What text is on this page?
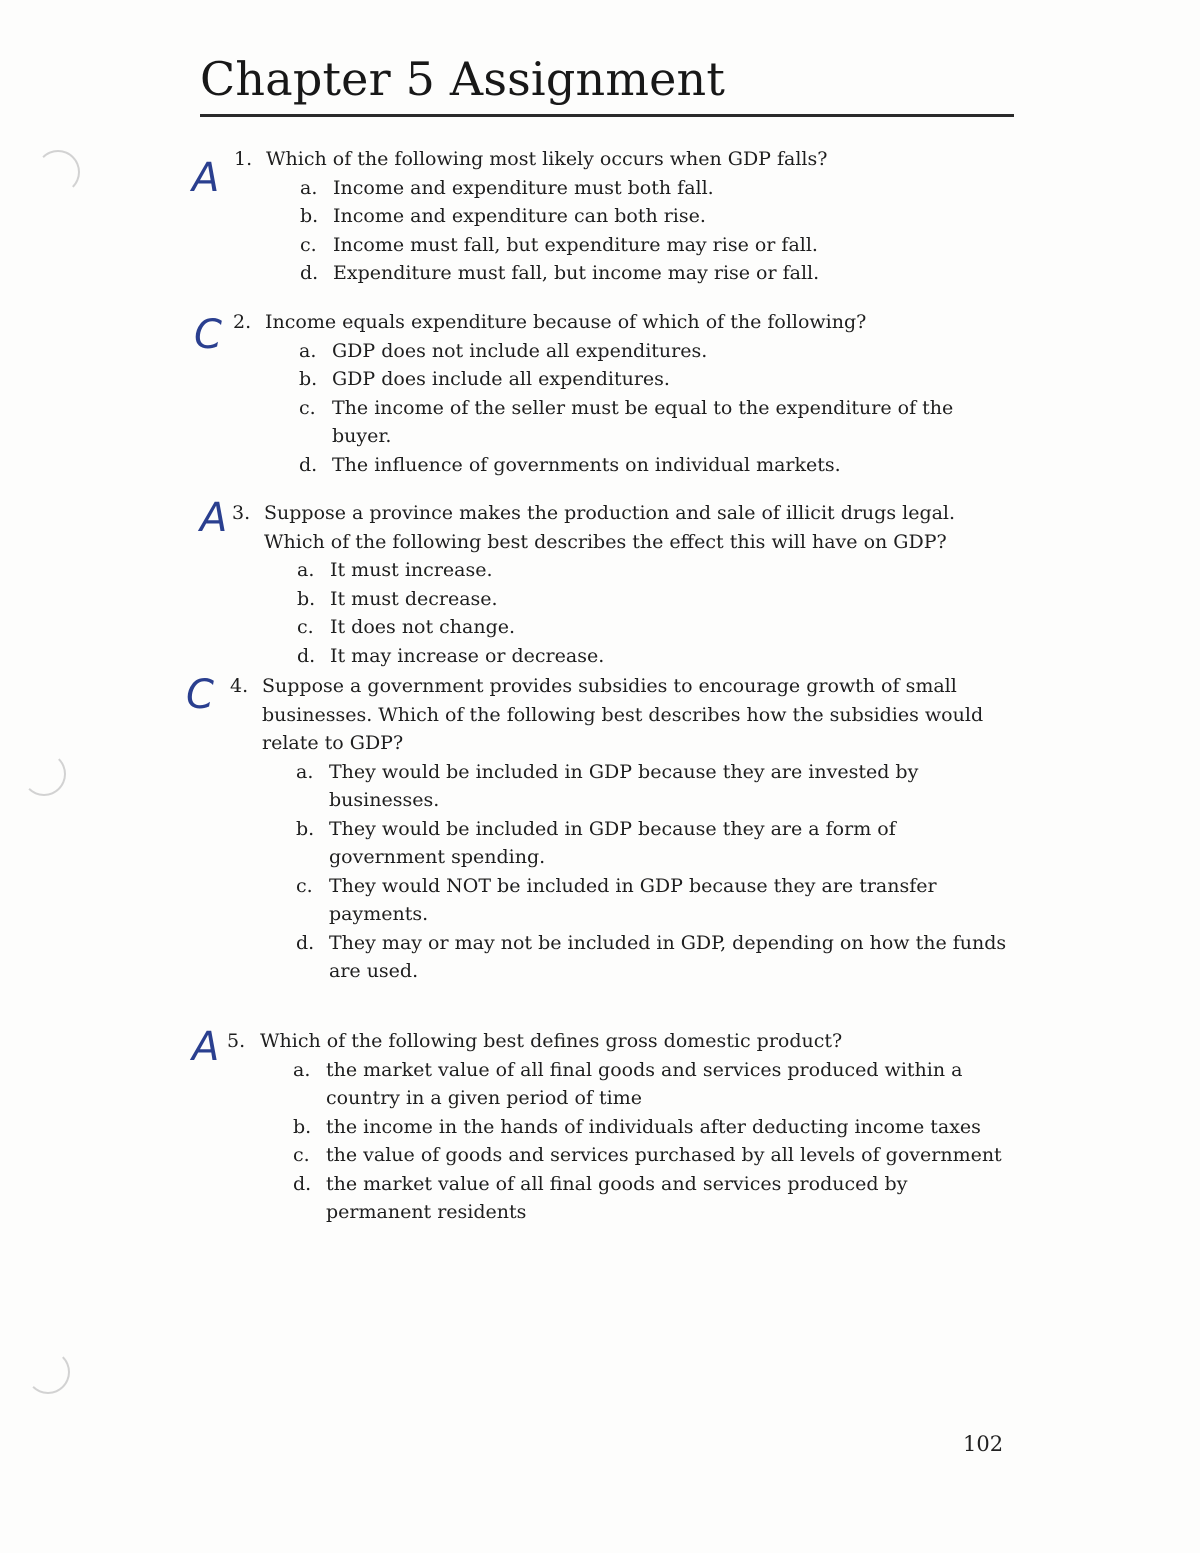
Chapter 5 Assignment
A 1. Which of the following most likely occurs when GDP falls?
a. Income and expenditure must both fall.
b. Income and expenditure can both rise.
c. Income must fall, but expenditure may rise or fall.
d. Expenditure must fall, but income may rise or fall.
C 2. Income equals expenditure because of which of the following?
a. GDP does not include all expenditures.
b. GDP does include all expenditures.
c. The income of the seller must be equal to the expenditure of the
buyer.
d. The influence of governments on individual markets.
A 3. Suppose a province makes the production and sale of illicit drugs legal.
Which of the following best describes the effect this will have on GDP?
a. It must increase.
b. It must decrease.
c. It does not change.
d. It may increase or decrease.
C 4. Suppose a government provides subsidies to encourage growth of small
businesses. Which of the following best describes how the subsidies would
relate to GDP?
a. They would be included in GDP because they are invested by
businesses.
b. They would be included in GDP because they are a form of
government spending.
c. They would NOT be included in GDP because they are transfer
payments.
d. They may or may not be included in GDP, depending on how the funds
are used.
A 5. Which of the following best defines gross domestic product?
a. the market value of all final goods and services produced within a
country in a given period of time
b. the income in the hands of individuals after deducting income taxes
c. the value of goods and services purchased by all levels of government
d. the market value of all final goods and services produced by
permanent residents
102
